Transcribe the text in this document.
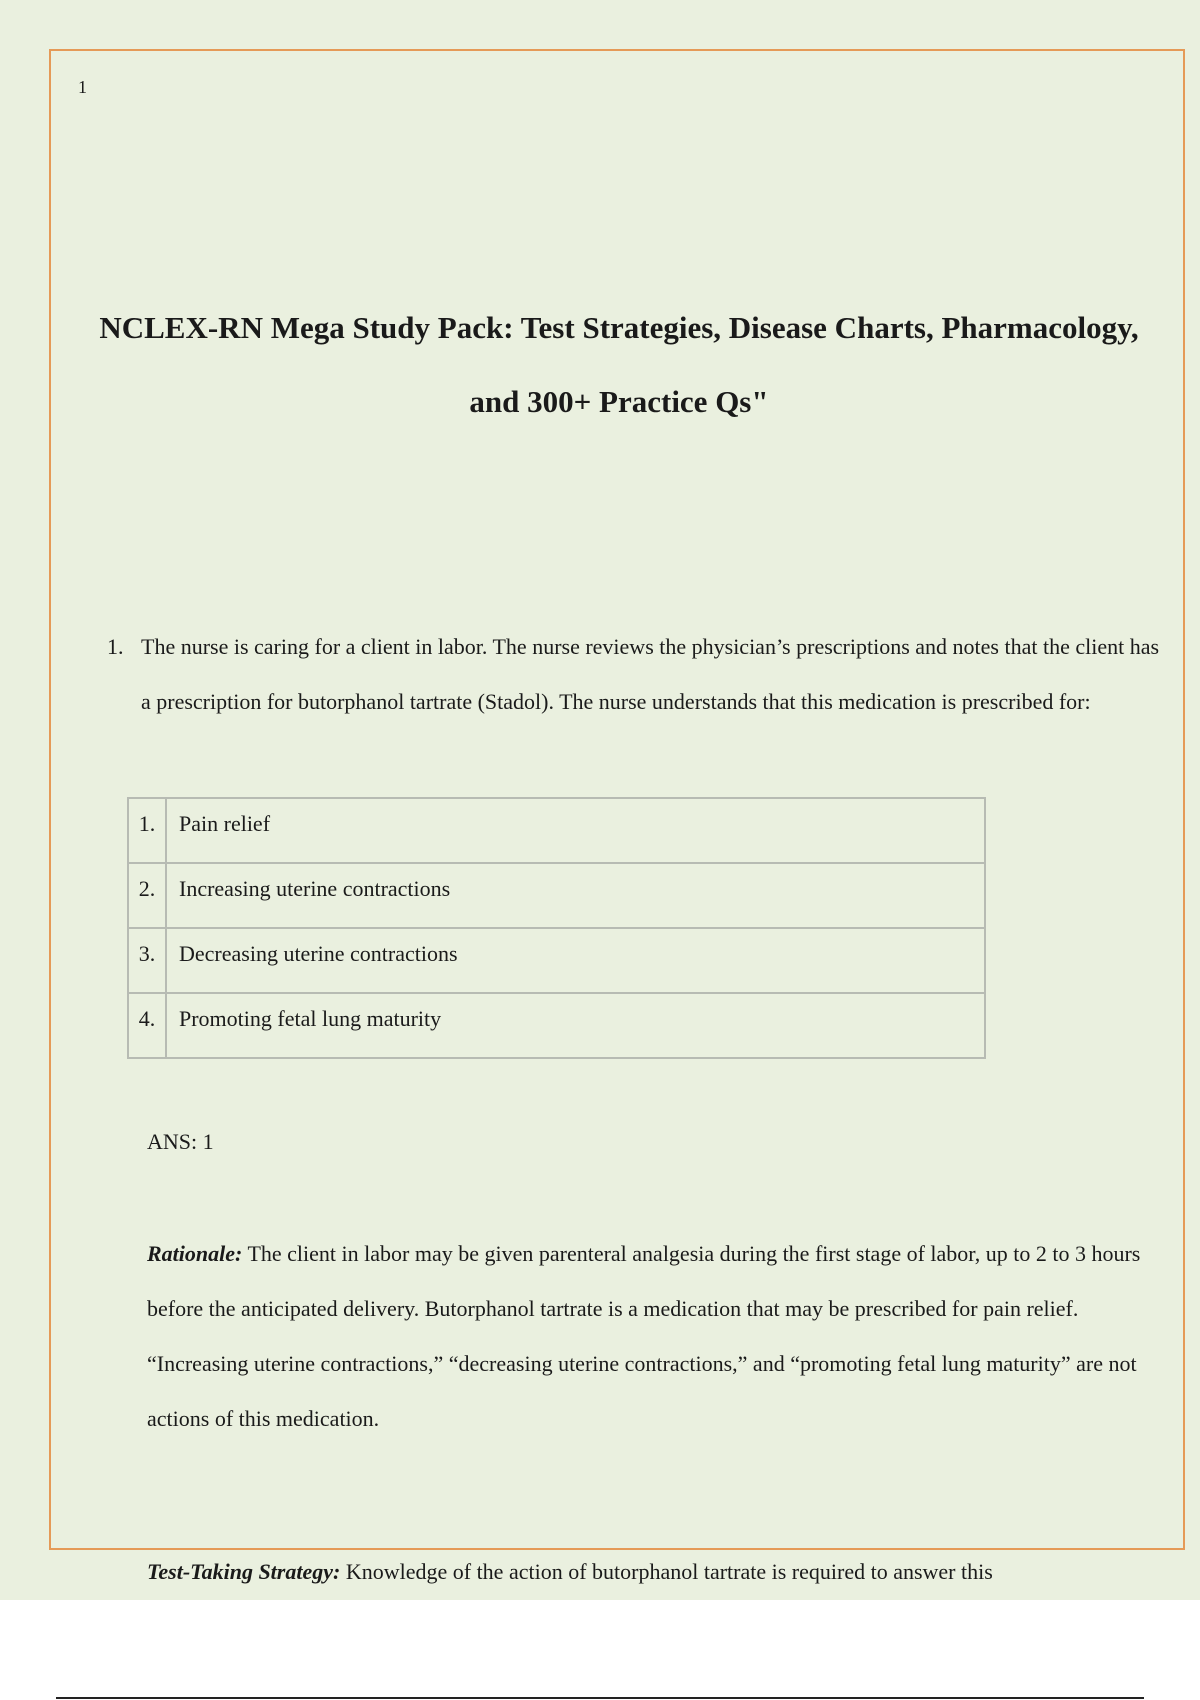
1
NCLEX-RN Mega Study Pack: Test Strategies, Disease Charts, Pharmacology,
and 300+ Practice Qs"
1. The nurse is caring for a client in labor. The nurse reviews the physician’s prescriptions and notes that the client has a prescription for butorphanol tartrate (Stadol). The nurse understands that this medication is prescribed for:

1.	Pain relief
2.	Increasing uterine contractions
3.	Decreasing uterine contractions
4.	Promoting fetal lung maturity
ANS: 1

Rationale: The client in labor may be given parenteral analgesia during the first stage of labor, up to 2 to 3 hours before the anticipated delivery. Butorphanol tartrate is a medication that may be prescribed for pain relief. “Increasing uterine contractions,” “decreasing uterine contractions,” and “promoting fetal lung maturity” are not actions of this medication.

Test-Taking Strategy: Knowledge of the action of butorphanol tartrate is required to answer this
